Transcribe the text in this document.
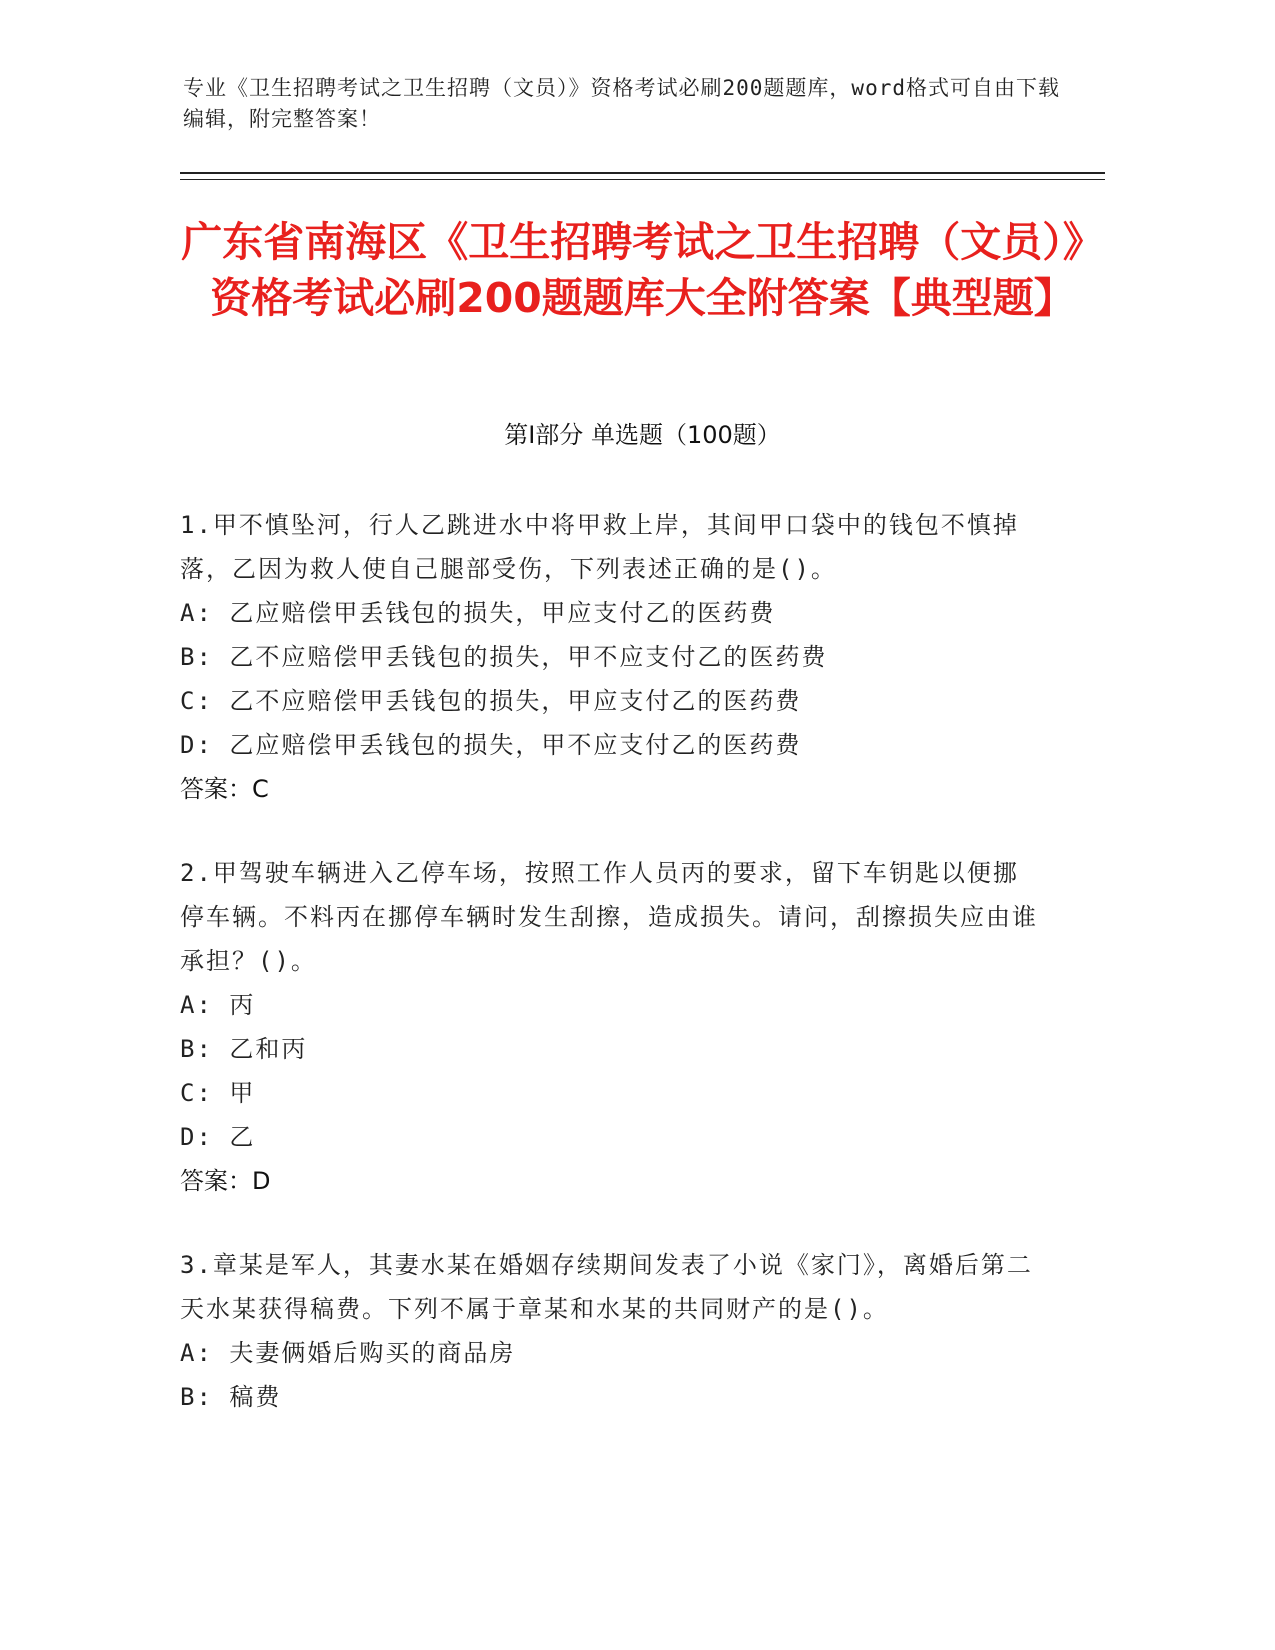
专业《卫生招聘考试之卫生招聘（文员）》资格考试必刷200题题库，word格式可自由下载编辑，附完整答案！
广东省南海区《卫生招聘考试之卫生招聘（文员）》资格考试必刷200题题库大全附答案【典型题】
第Ⅰ部分 单选题（100题）

1.甲不慎坠河，行人乙跳进水中将甲救上岸，其间甲口袋中的钱包不慎掉落，乙因为救人使自己腿部受伤，下列表述正确的是()。

A: 乙应赔偿甲丢钱包的损失，甲应支付乙的医药费

B: 乙不应赔偿甲丢钱包的损失，甲不应支付乙的医药费

C: 乙不应赔偿甲丢钱包的损失，甲应支付乙的医药费

D: 乙应赔偿甲丢钱包的损失，甲不应支付乙的医药费

答案：C

2.甲驾驶车辆进入乙停车场，按照工作人员丙的要求，留下车钥匙以便挪停车辆。不料丙在挪停车辆时发生刮擦，造成损失。请问，刮擦损失应由谁承担？()。

A: 丙

B: 乙和丙

C: 甲

D: 乙

答案：D

3.章某是军人，其妻水某在婚姻存续期间发表了小说《家门》，离婚后第二天水某获得稿费。下列不属于章某和水某的共同财产的是()。

A: 夫妻俩婚后购买的商品房

B: 稿费
